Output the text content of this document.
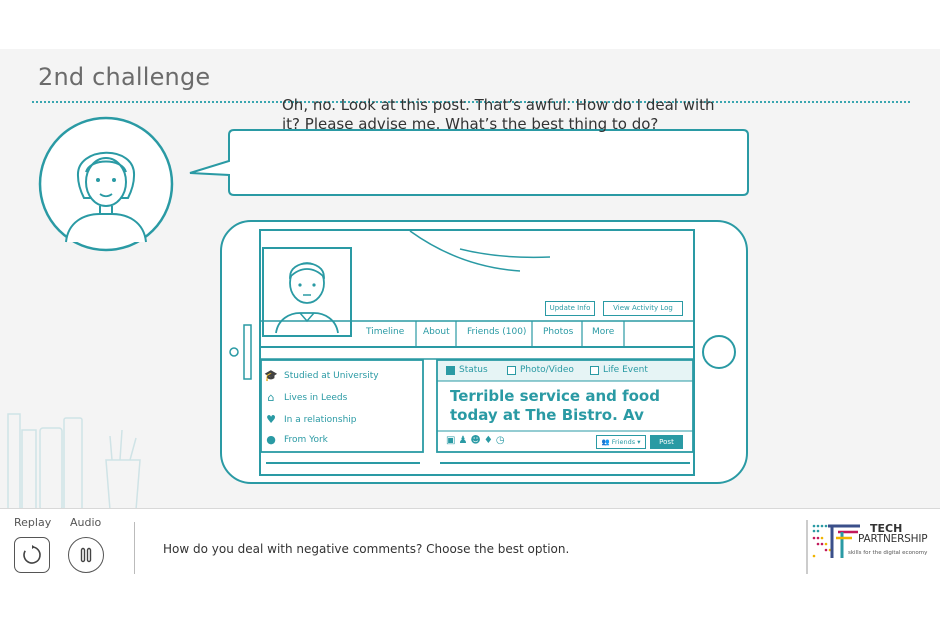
2nd challenge
Update Info	View Activity Log
Timeline About Friends (100) Photos More
🎓 Studied at University
⌂	Lives in Leeds
♥ In a relationship
● From York
Status	Photo/Video	Life Event
Terrible service and food today at The Bistro. Av
▣♟☻♦◷	👥 Friends ▾	Post
Replay Audio
How do you deal with negative comments? Choose the best option.
TECH
PARTNERSHIP
skills for the digital economy
Oh, no. Look at this post. That’s awful. How do I deal with it? Please advise me. What’s the best thing to do?
